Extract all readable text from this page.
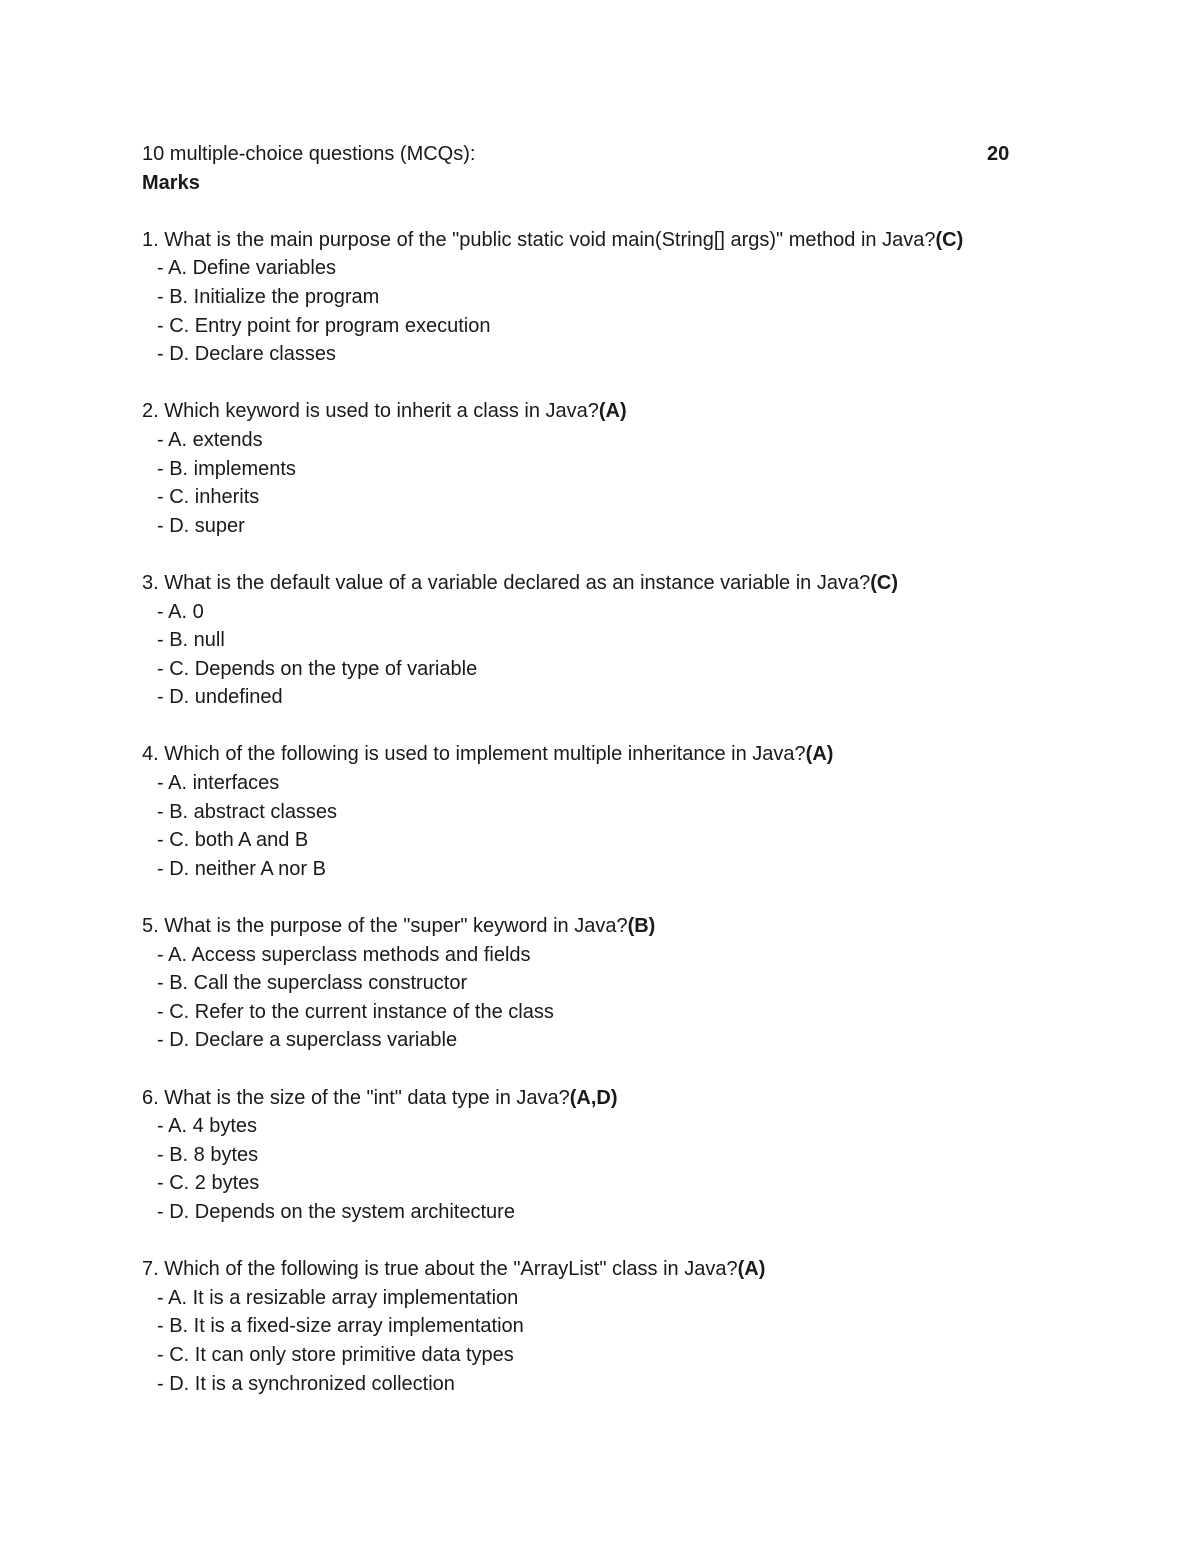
10 multiple-choice questions (MCQs):	20
Marks
1. What is the main purpose of the "public static void main(String[] args)" method in Java?(C)
- A. Define variables
- B. Initialize the program
- C. Entry point for program execution
- D. Declare classes
2. Which keyword is used to inherit a class in Java?(A)
- A. extends
- B. implements
- C. inherits
- D. super
3. What is the default value of a variable declared as an instance variable in Java?(C)
- A. 0
- B. null
- C. Depends on the type of variable
- D. undefined
4. Which of the following is used to implement multiple inheritance in Java?(A)
- A. interfaces
- B. abstract classes
- C. both A and B
- D. neither A nor B
5. What is the purpose of the "super" keyword in Java?(B)
- A. Access superclass methods and fields
- B. Call the superclass constructor
- C. Refer to the current instance of the class
- D. Declare a superclass variable
6. What is the size of the "int" data type in Java?(A,D)
- A. 4 bytes
- B. 8 bytes
- C. 2 bytes
- D. Depends on the system architecture
7. Which of the following is true about the "ArrayList" class in Java?(A)
- A. It is a resizable array implementation
- B. It is a fixed-size array implementation
- C. It can only store primitive data types
- D. It is a synchronized collection
